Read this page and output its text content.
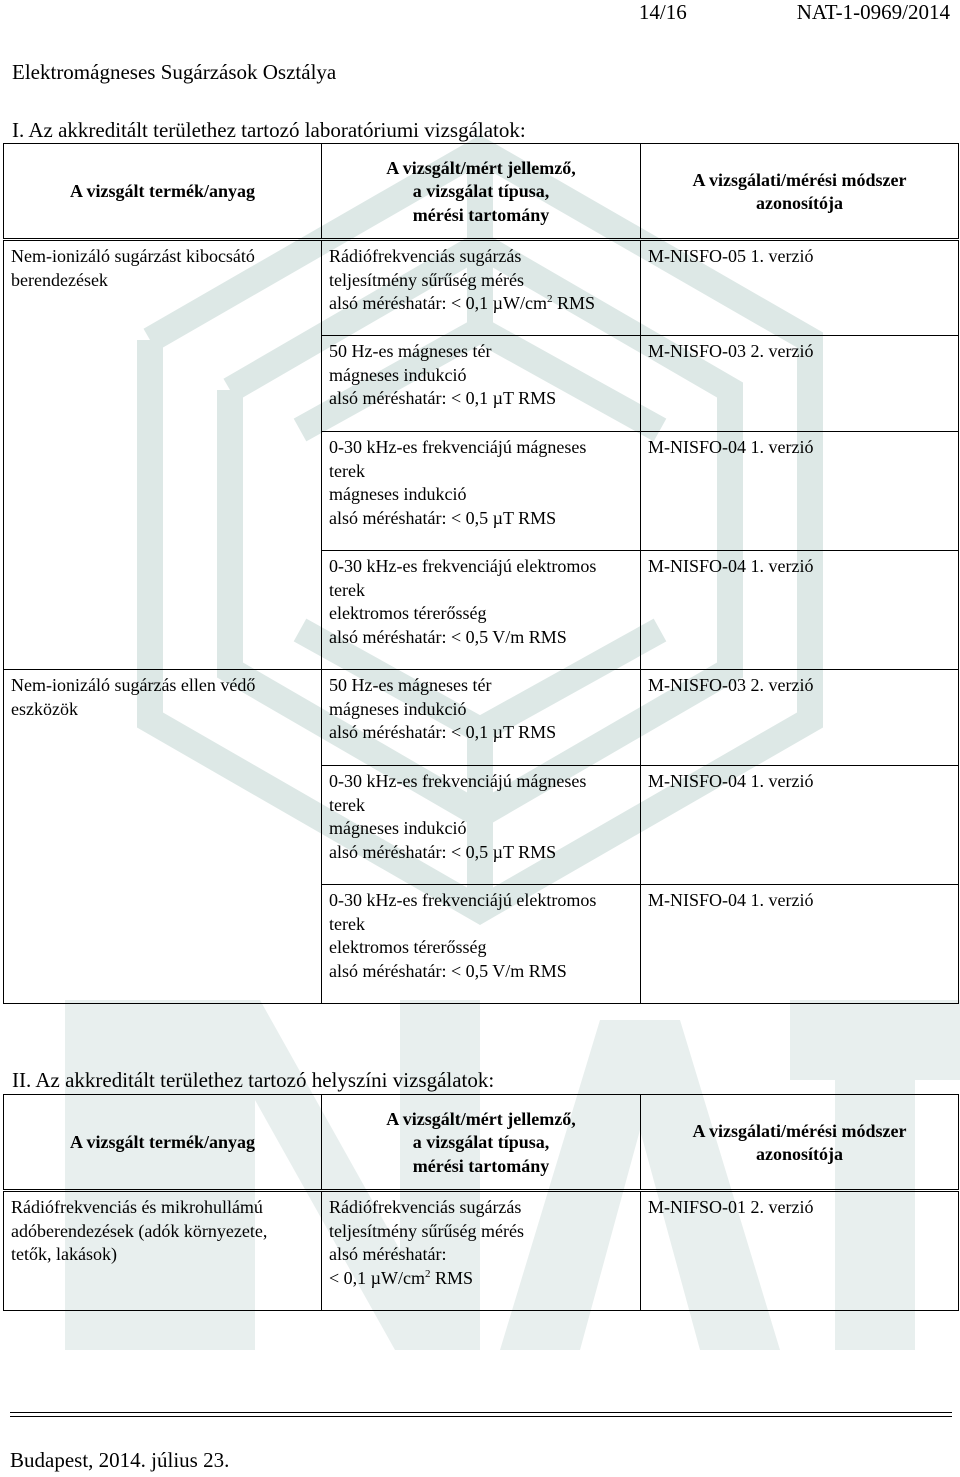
14/16	NAT-1-0969/2014
Elektromágneses Sugárzások Osztálya
I. Az akkreditált területhez tartozó laboratóriumi vizsgálatok:
A vizsgált termék/anyag	A vizsgált/mért jellemző,
a vizsgálat típusa,
mérési tartomány	A vizsgálati/mérési módszer
azonosítója

Nem-ionizáló sugárzást kibocsátó
berendezések	Rádiófrekvenciás sugárzás
teljesítmény sűrűség mérés
alsó méréshatár: < 0,1 $\mu W/cm^2$ RMS	M-NISFO-05 1. verzió

	50 Hz-es mágneses tér
mágneses indukció
alsó méréshatár: < 0,1 µT RMS	M-NISFO-03 2. verzió

	0-30 kHz-es frekvenciájú mágneses
terek
mágneses indukció
alsó méréshatár: < 0,5 µT RMS	M-NISFO-04 1. verzió

	0-30 kHz-es frekvenciájú elektromos
terek
elektromos térerősség
alsó méréshatár: < 0,5 V/m RMS	M-NISFO-04 1. verzió

Nem-ionizáló sugárzás ellen védő
eszközök	50 Hz-es mágneses tér
mágneses indukció
alsó méréshatár: < 0,1 µT RMS	M-NISFO-03 2. verzió

	0-30 kHz-es frekvenciájú mágneses
terek
mágneses indukció
alsó méréshatár: < 0,5 µT RMS	M-NISFO-04 1. verzió

	0-30 kHz-es frekvenciájú elektromos
terek
elektromos térerősség
alsó méréshatár: < 0,5 V/m RMS	M-NISFO-04 1. verzió
II. Az akkreditált területhez tartozó helyszíni vizsgálatok:
A vizsgált termék/anyag	A vizsgált/mért jellemző,
a vizsgálat típusa,
mérési tartomány	A vizsgálati/mérési módszer
azonosítója

Rádiófrekvenciás és mikrohullámú
adóberendezések (adók környezete,
tetők, lakások)	Rádiófrekvenciás sugárzás
teljesítmény sűrűség mérés
alsó méréshatár:
< 0,1 $\mu W/cm^2$ RMS	M-NIFSO-01 2. verzió
Budapest, 2014. július 23.
